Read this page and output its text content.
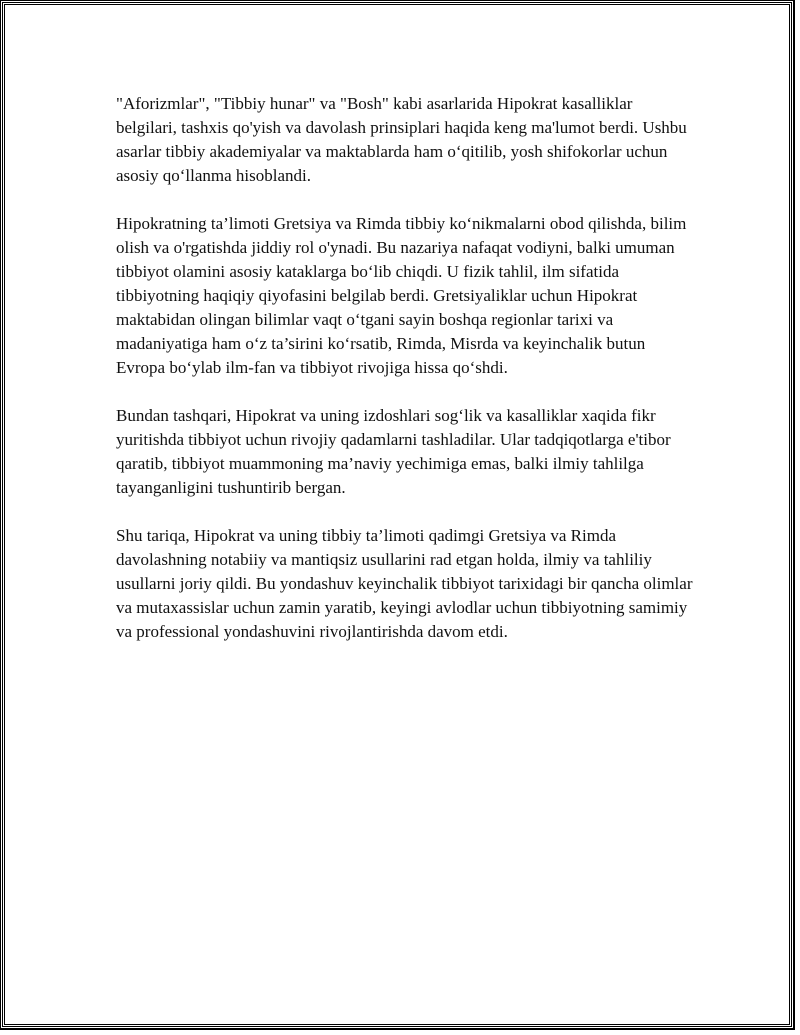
"Aforizmlar", "Tibbiy hunar" va "Bosh" kabi asarlarida Hipokrat kasalliklar belgilari, tashxis qo'yish va davolash prinsiplari haqida keng ma'lumot berdi. Ushbu asarlar tibbiy akademiyalar va maktablarda ham o‘qitilib, yosh shifokorlar uchun asosiy qo‘llanma hisoblandi.

Hipokratning ta’limoti Gretsiya va Rimda tibbiy ko‘nikmalarni obod qilishda, bilim olish va o'rgatishda jiddiy rol o'ynadi. Bu nazariya nafaqat vodiyni, balki umuman tibbiyot olamini asosiy kataklarga bo‘lib chiqdi. U fizik tahlil, ilm sifatida tibbiyotning haqiqiy qiyofasini belgilab berdi. Gretsiyaliklar uchun Hipokrat maktabidan olingan bilimlar vaqt o‘tgani sayin boshqa regionlar tarixi va madaniyatiga ham o‘z ta’sirini ko‘rsatib, Rimda, Misrda va keyinchalik butun Evropa bo‘ylab ilm-fan va tibbiyot rivojiga hissa qo‘shdi.

Bundan tashqari, Hipokrat va uning izdoshlari sog‘lik va kasalliklar xaqida fikr yuritishda tibbiyot uchun rivojiy qadamlarni tashladilar. Ular tadqiqotlarga e'tibor qaratib, tibbiyot muammoning ma’naviy yechimiga emas, balki ilmiy tahlilga tayanganligini tushuntirib bergan.

Shu tariqa, Hipokrat va uning tibbiy ta’limoti qadimgi Gretsiya va Rimda davolashning notabiiy va mantiqsiz usullarini rad etgan holda, ilmiy va tahliliy usullarni joriy qildi. Bu yondashuv keyinchalik tibbiyot tarixidagi bir qancha olimlar va mutaxassislar uchun zamin yaratib, keyingi avlodlar uchun tibbiyotning samimiy va professional yondashuvini rivojlantirishda davom etdi.
